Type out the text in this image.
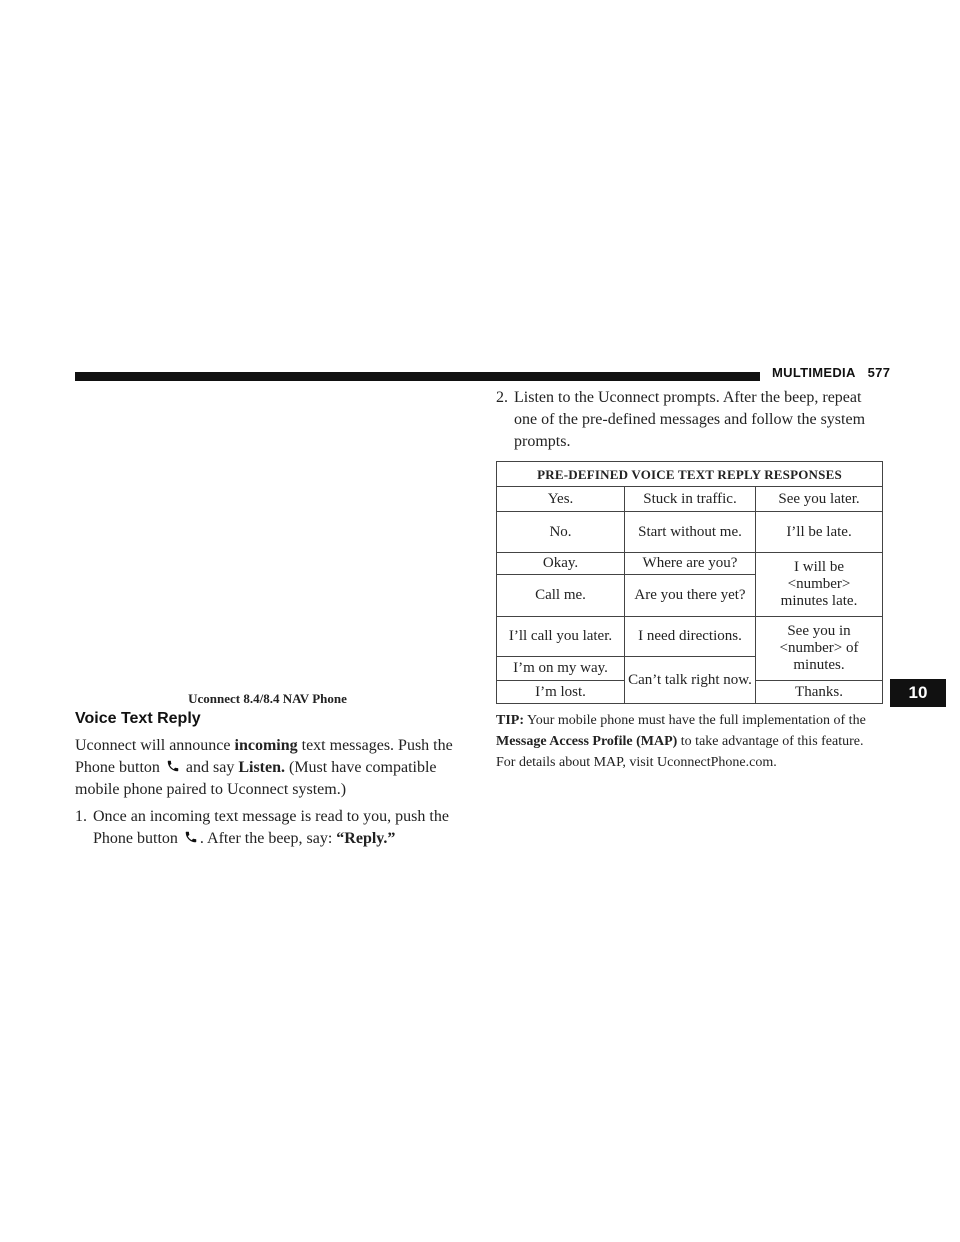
MULTIMEDIA 577
10
Uconnect 8.4/8.4 NAV Phone
Voice Text Reply
Uconnect will announce incoming text messages. Push the Phone button  and say Listen. (Must have compatible mobile phone paired to Uconnect system.)
1. Once an incoming text message is read to you, push the Phone button . After the beep, say: “Reply.”
2. Listen to the Uconnect prompts. After the beep, repeat one of the pre-defined messages and follow the system prompts.
PRE-DEFINED VOICE TEXT REPLY RESPONSES		
Yes.	Stuck in traffic.	See you later.
No.	Start without me.	I’ll be late.
Okay.	Where are you?	I will be
<number>
minutes late.
Call me.	Are you there yet?	
I’ll call you later.	I need directions.	See you in
<number> of
minutes.
I’m on my way.	Can’t talk right now.	
I’m lost.		Thanks.
TIP: Your mobile phone must have the full implementation of the Message Access Profile (MAP) to take advantage of this feature. For details about MAP, visit UconnectPhone.com.
